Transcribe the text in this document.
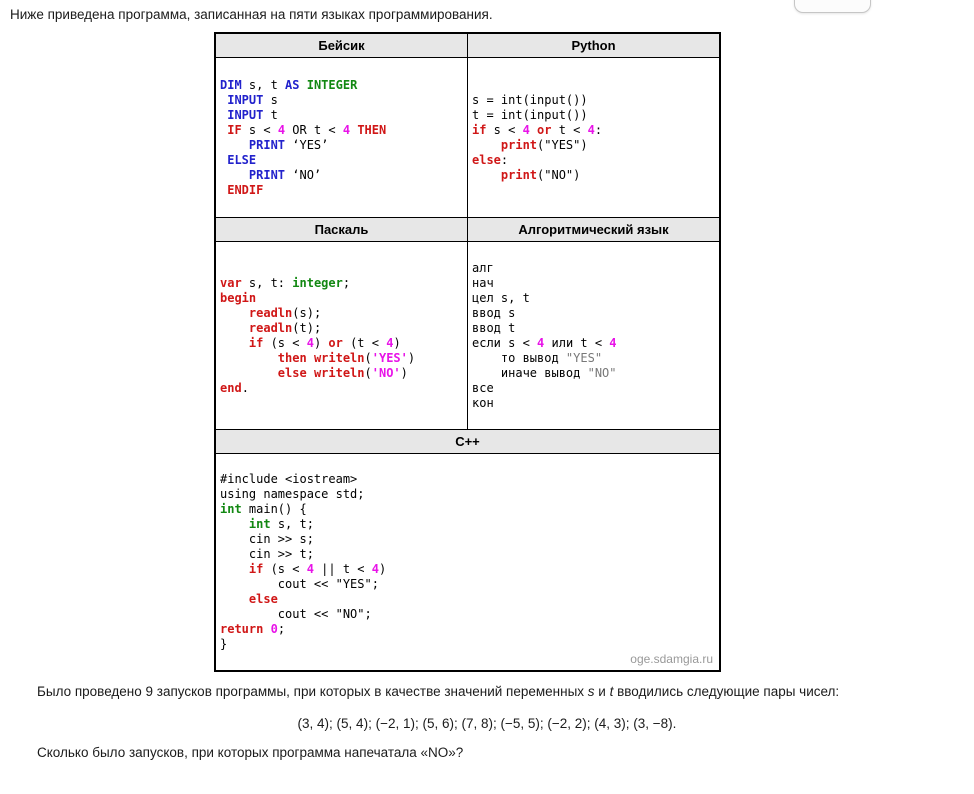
Ниже приведена программа, записанная на пяти языках программирования.
Бейсик	Python
DIM s, t AS INTEGER
INPUT s
INPUT t
IF s < 4 OR t < 4 THEN
PRINT ‘YES’
ELSE
PRINT ‘NO’
ENDIF
s = int(input())
t = int(input())
if s < 4 or t < 4:
print("YES")
else:
print("NO")
Паскаль	Алгоритмический язык
var s, t: integer;
begin
readln(s);
readln(t);
if (s < 4) or (t < 4)
then writeln('YES')
else writeln('NO')
end.
алг
нач
цел s, t
ввод s
ввод t
если s < 4 или t < 4
то вывод "YES"
иначе вывод "NO"
все
кон
C++
oge.sdamgia.ru
#include <iostream>
using namespace std;
int main() {
int s, t;
cin >> s;
cin >> t;
if (s < 4 || t < 4)
cout << "YES";
else
cout << "NO";
return 0;
}

Было проведено 9 запусков программы, при которых в качестве значений переменных s и t вводились следующие пары чисел:

(3, 4); (5, 4); (−2, 1); (5, 6); (7, 8); (−5, 5); (−2, 2); (4, 3); (3, −8).

Сколько было запусков, при которых программа напечатала «NO»?
